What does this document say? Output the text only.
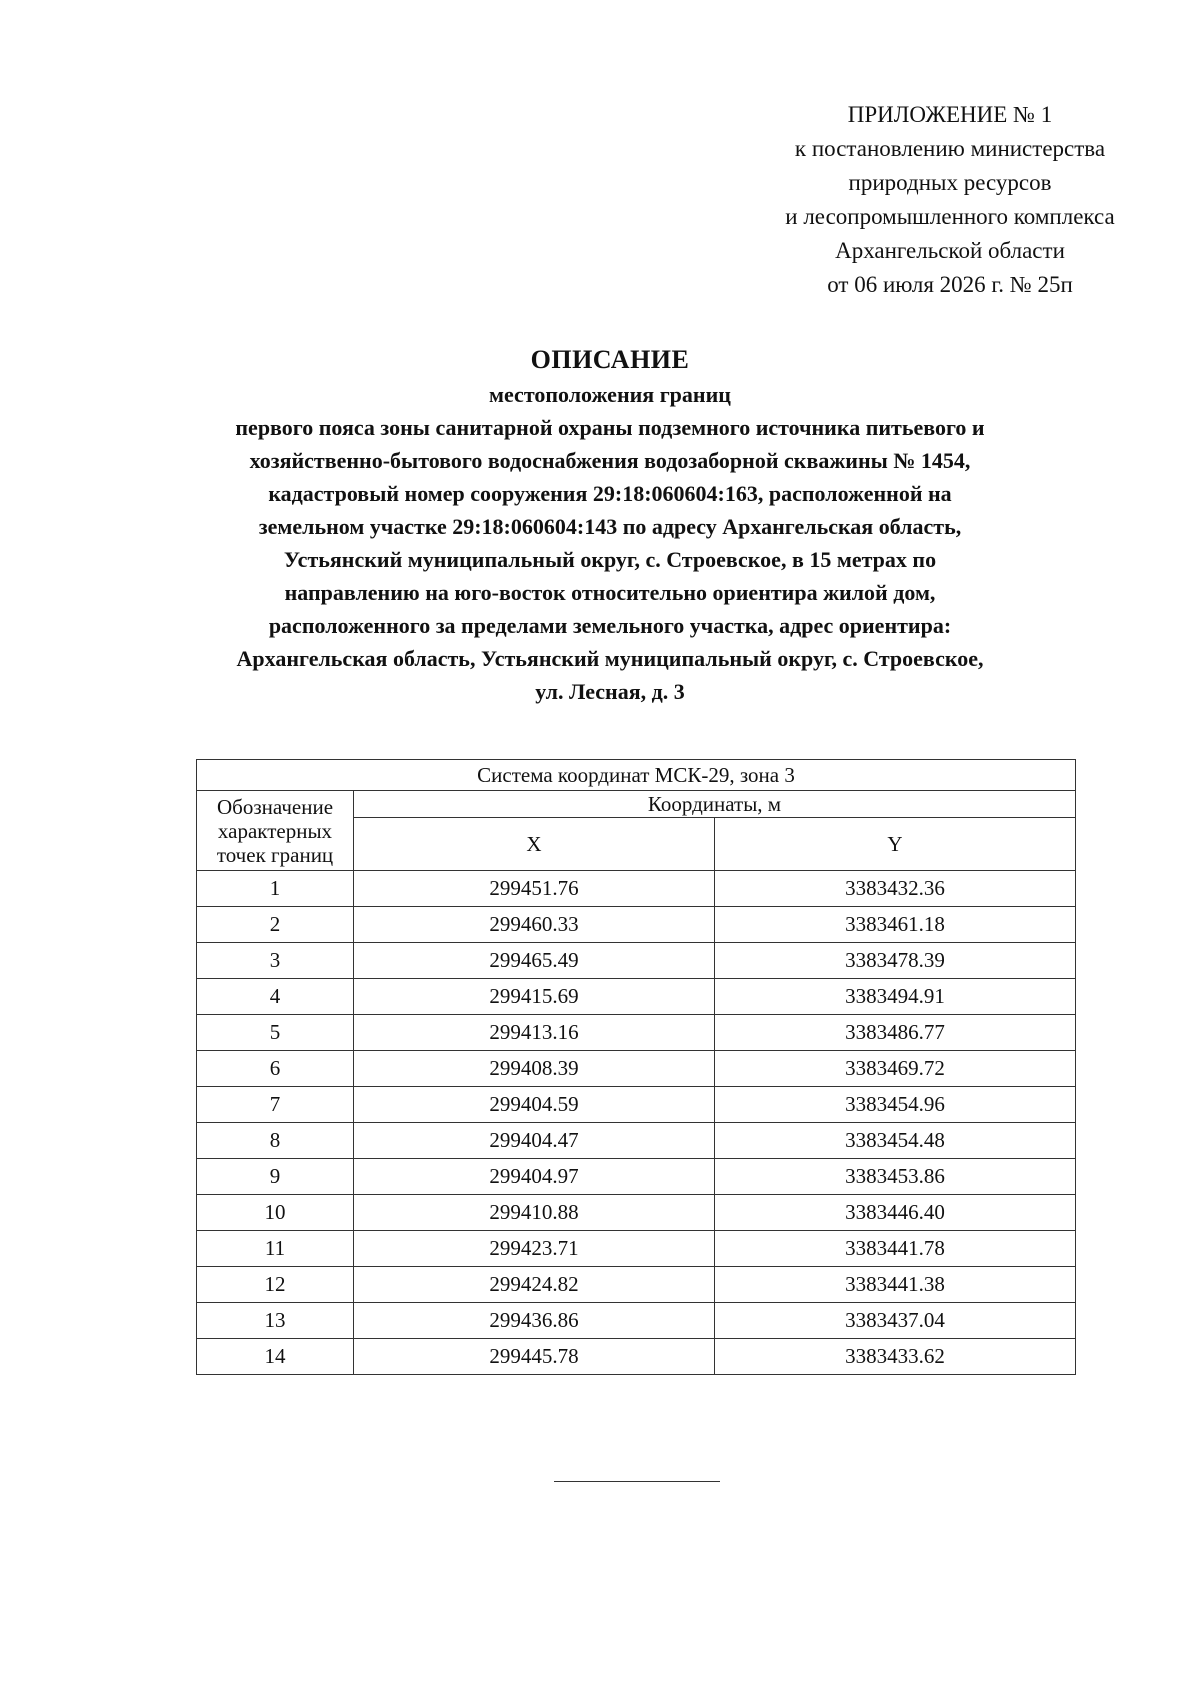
ПРИЛОЖЕНИЕ № 1
к постановлению министерства
природных ресурсов
и лесопромышленного комплекса
Архангельской области
от 06 июля 2026 г. № 25п
ОПИСАНИЕ
местоположения границ
первого пояса зоны санитарной охраны подземного источника питьевого и
хозяйственно-бытового водоснабжения водозаборной скважины № 1454,
кадастровый номер сооружения 29:18:060604:163, расположенной на
земельном участке 29:18:060604:143 по адресу Архангельская область,
Устьянский муниципальный округ, с. Строевское, в 15 метрах по
направлению на юго-восток относительно ориентира жилой дом,
расположенного за пределами земельного участка, адрес ориентира:
Архангельская область, Устьянский муниципальный округ, с. Строевское,
ул. Лесная, д. 3
Система координат МСК-29, зона 3		
Обозначение характерных точек границ	Координаты, м	
	X	Y
1	299451.76	3383432.36
2	299460.33	3383461.18
3	299465.49	3383478.39
4	299415.69	3383494.91
5	299413.16	3383486.77
6	299408.39	3383469.72
7	299404.59	3383454.96
8	299404.47	3383454.48
9	299404.97	3383453.86
10	299410.88	3383446.40
11	299423.71	3383441.78
12	299424.82	3383441.38
13	299436.86	3383437.04
14	299445.78	3383433.62
